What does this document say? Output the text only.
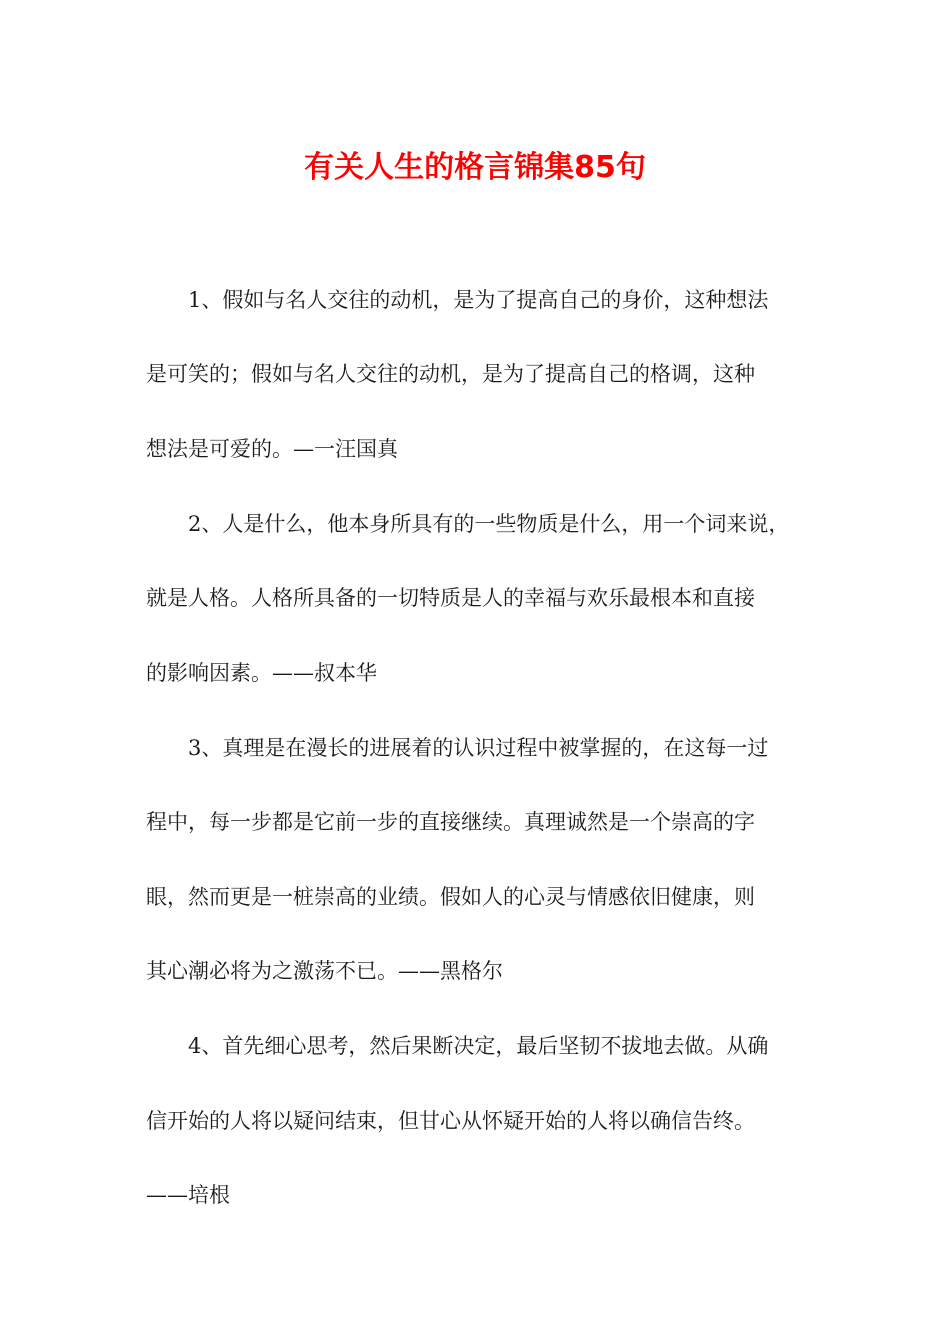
有关人生的格言锦集85句

1、假如与名人交往的动机，是为了提高自己的身价，这种想法

是可笑的；假如与名人交往的动机，是为了提高自己的格调，这种

想法是可爱的。—一汪国真

2、人是什么，他本身所具有的一些物质是什么，用一个词来说，

就是人格。人格所具备的一切特质是人的幸福与欢乐最根本和直接

的影响因素。——叔本华

3、真理是在漫长的进展着的认识过程中被掌握的，在这每一过

程中，每一步都是它前一步的直接继续。真理诚然是一个崇高的字

眼，然而更是一桩崇高的业绩。假如人的心灵与情感依旧健康，则

其心潮必将为之激荡不已。——黑格尔

4、首先细心思考，然后果断决定，最后坚韧不拔地去做。从确

信开始的人将以疑问结束，但甘心从怀疑开始的人将以确信告终。

——培根
